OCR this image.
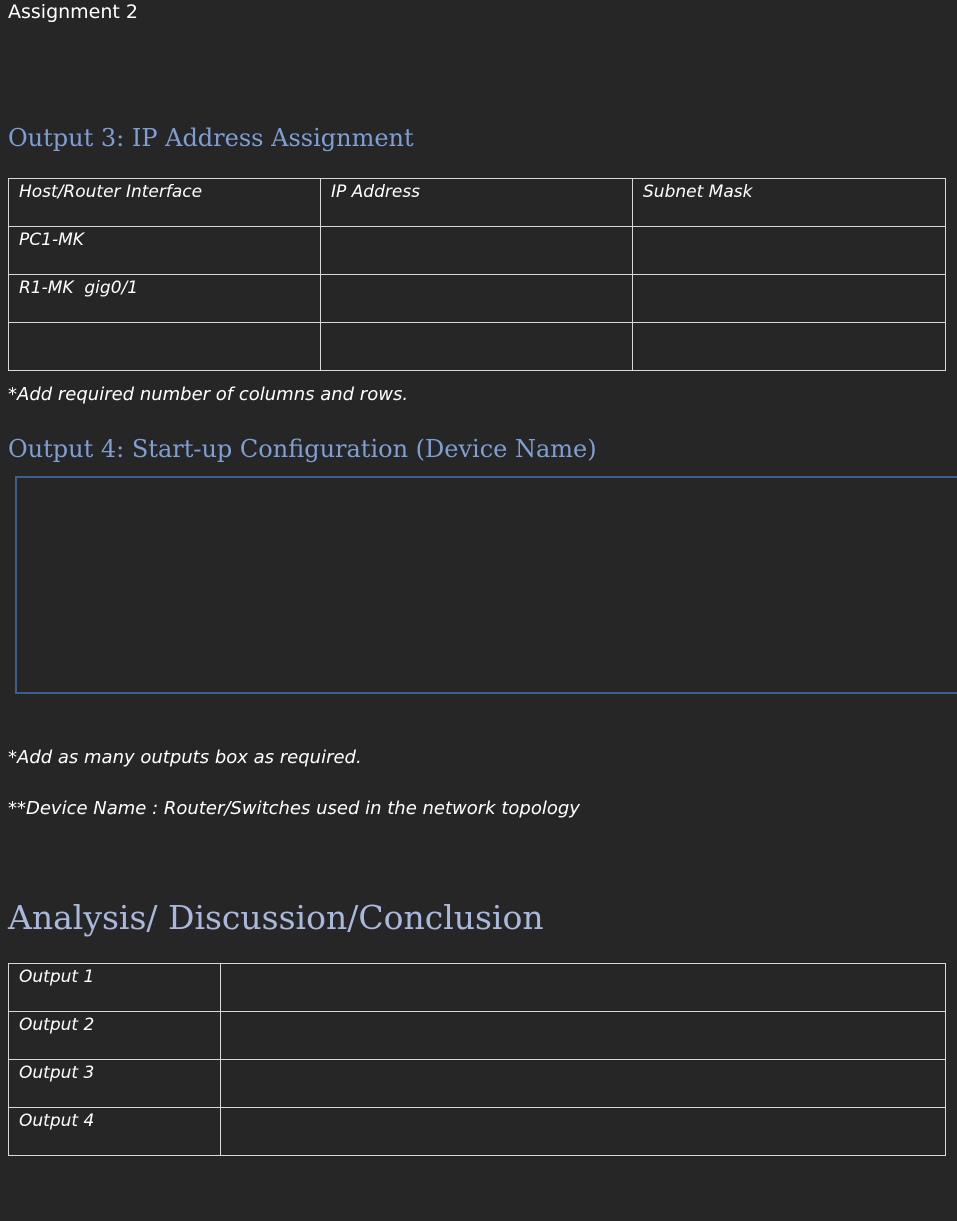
Assignment 2
Output 3: IP Address Assignment
Host/Router Interface	IP Address	Subnet Mask
PC1-MK		
R1-MK  gig0/1		

*Add required number of columns and rows.
Output 4: Start-up Configuration (Device Name)
*Add as many outputs box as required.
**Device Name : Router/Switches used in the network topology
Analysis/ Discussion/Conclusion
Output 1	
Output 2	
Output 3	
Output 4	
